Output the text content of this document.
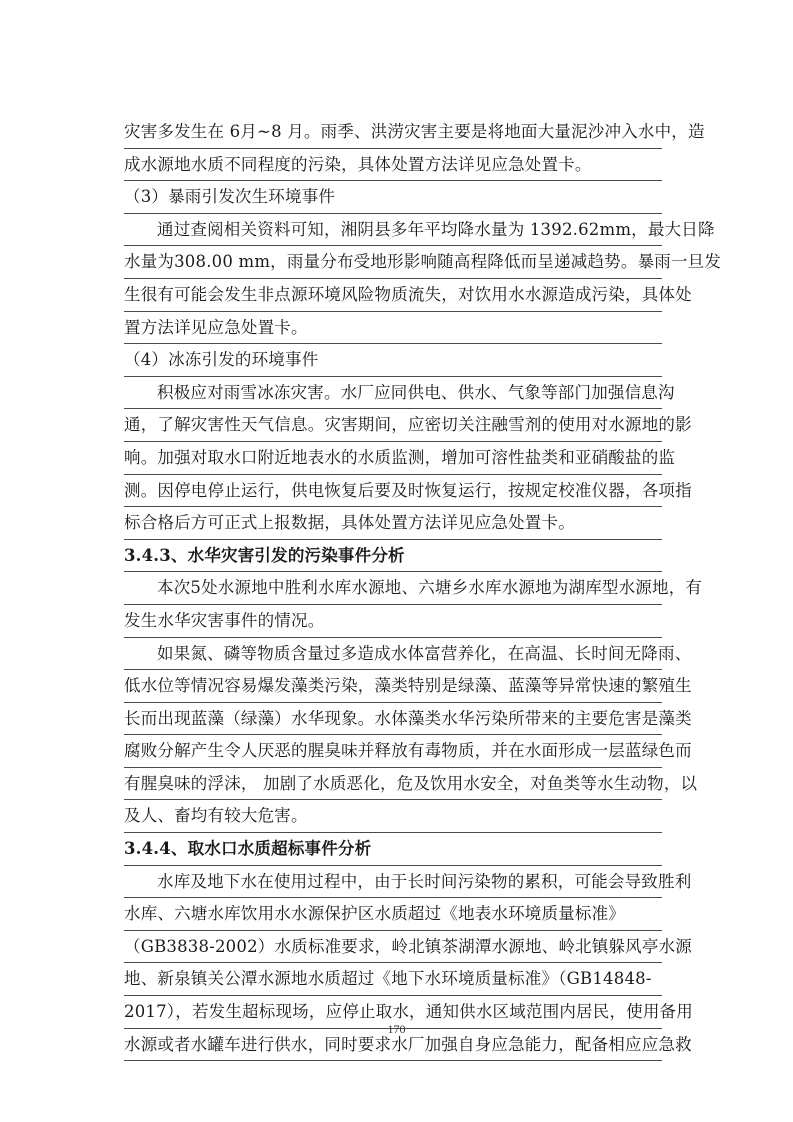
灾害多发生在 6月~8 月。雨季、洪涝灾害主要是将地面大量泥沙冲入水中，造
成水源地水质不同程度的污染，具体处置方法详见应急处置卡。
（3）暴雨引发次生环境事件
通过查阅相关资料可知，湘阴县多年平均降水量为 1392.62mm，最大日降
水量为308.00 mm，雨量分布受地形影响随高程降低而呈递减趋势。暴雨一旦发
生很有可能会发生非点源环境风险物质流失，对饮用水水源造成污染，具体处
置方法详见应急处置卡。
（4）冰冻引发的环境事件
积极应对雨雪冰冻灾害。水厂应同供电、供水、气象等部门加强信息沟
通，了解灾害性天气信息。灾害期间，应密切关注融雪剂的使用对水源地的影
响。加强对取水口附近地表水的水质监测，增加可溶性盐类和亚硝酸盐的监
测。因停电停止运行，供电恢复后要及时恢复运行，按规定校准仪器，各项指
标合格后方可正式上报数据，具体处置方法详见应急处置卡。
3.4.3、水华灾害引发的污染事件分析
本次5处水源地中胜利水库水源地、六塘乡水库水源地为湖库型水源地，有
发生水华灾害事件的情况。
如果氮、磷等物质含量过多造成水体富营养化，在高温、长时间无降雨、
低水位等情况容易爆发藻类污染，藻类特别是绿藻、蓝藻等异常快速的繁殖生
长而出现蓝藻（绿藻）水华现象。水体藻类水华污染所带来的主要危害是藻类
腐败分解产生令人厌恶的腥臭味并释放有毒物质，并在水面形成一层蓝绿色而
有腥臭味的浮沫， 加剧了水质恶化，危及饮用水安全，对鱼类等水生动物，以
及人、畜均有较大危害。
3.4.4、取水口水质超标事件分析
水库及地下水在使用过程中，由于长时间污染物的累积，可能会导致胜利
水库、六塘水库饮用水水源保护区水质超过《地表水环境质量标准》
（GB3838-2002）水质标准要求，岭北镇茶湖潭水源地、岭北镇躲风亭水源
地、新泉镇关公潭水源地水质超过《地下水环境质量标准》（GB14848-
2017），若发生超标现场，应停止取水，通知供水区域范围内居民，使用备用
水源或者水罐车进行供水，同时要求水厂加强自身应急能力，配备相应应急救
170
